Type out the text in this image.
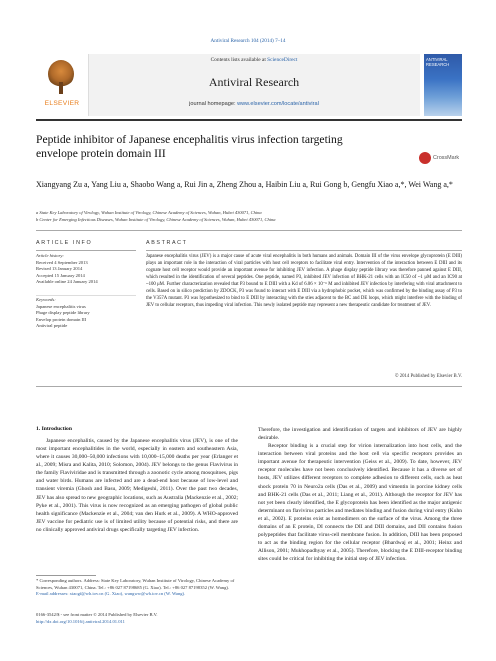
Antiviral Research 104 (2014) 7–14
ELSEVIER
Contents lists available at ScienceDirect
Antiviral Research
journal homepage: www.elsevier.com/locate/antiviral
ANTIVIRAL RESEARCH
Peptide inhibitor of Japanese encephalitis virus infection targeting envelope protein domain III	CrossMark
Xiangyang Zu a, Yang Liu a, Shaobo Wang a, Rui Jin a, Zheng Zhou a, Haibin Liu a, Rui Gong b, Gengfu Xiao a,*, Wei Wang a,*
a State Key Laboratory of Virology, Wuhan Institute of Virology, Chinese Academy of Sciences, Wuhan, Hubei 430071, China
b Center for Emerging Infectious Diseases, Wuhan Institute of Virology, Chinese Academy of Sciences, Wuhan, Hubei 430071, China
ARTICLE INFO	ABSTRACT
Article history:
Received 4 September 2013
Revised 13 January 2014
Accepted 15 January 2014
Available online 24 January 2014
Keywords:
Japanese encephalitis virus
Phage display peptide library
Envelop protein domain III
Antiviral peptide
Japanese encephalitis virus (JEV) is a major cause of acute viral encephalitis in both humans and animals. Domain III of the virus envelope glycoprotein (E DIII) plays an important role in the interaction of viral particles with host cell receptors to facilitate viral entry. Intervention of the interaction between E DIII and its cognate host cell receptor would provide an important avenue for inhibiting JEV infection. A phage display peptide library was therefore panned against E DIII, which resulted in the identification of several peptides. One peptide, named P3, inhibited JEV infection of BHK-21 cells with an IC50 of ~1 μM and an IC90 at ~100 μM. Further characterization revealed that P3 bound to E DIII with a Kd of 6.06 × 10⁻⁶ M and inhibited JEV infection by interfering with viral attachment to cells. Based on in silico prediction by ZDOCK, P3 was found to interact with E DIII via a hydrophobic pocket, which was confirmed by the binding assay of P3 to the V357A mutant. P3 was hypothesized to bind to E DIII by interacting with the sties adjacent to the BC and DE loops, which might interfere with the binding of JEV to cellular receptors, thus impeding viral infection. This newly isolated peptide may represent a new therapeutic candidate for treatment of JEV.
© 2014 Published by Elsevier B.V.
1. Introduction

Japanese encephalitis, caused by the Japanese encephalitis virus (JEV), is one of the most important encephalitides in the world, especially in eastern and southeastern Asia, where it causes 30,000–50,000 infections with 10,000–15,000 deaths per year (Erlanger et al., 2009; Misra and Kalita, 2010; Solomon, 2004). JEV belongs to the genus Flavivirus in the family Flaviviridae and is transmitted through a zoonotic cycle among mosquitoes, pigs and water birds. Humans are infected and are a dead-end host because of low-level and transient viremia (Ghosh and Basu, 2009; Medigeshi, 2011). Over the past two decades, JEV has also spread to new geographic locations, such as Australia (Mackenzie et al., 2002; Pyke et al., 2001). This virus is now recognized as an emerging pathogen of global public health significance (Mackenzie et al., 2004; van den Hurk et al., 2009). A WHO-approved JEV vaccine for pediatric use is of limited utility because of potential risks, and there are no clinically approved antiviral drugs specifically targeting JEV infection.

Therefore, the investigation and identification of targets and inhibitors of JEV are highly desirable.

Receptor binding is a crucial step for virion internalization into host cells, and the interaction between viral proteins and the host cell via specific receptors provides an important avenue for therapeutic intervention (Geiss et al., 2009). To date, however, JEV receptor molecules have not been conclusively identified. Because it has a diverse set of hosts, JEV utilizes different receptors to complete adhesion to different cells, such as heat shock protein 70 in Neuro2a cells (Das et al., 2009) and vimentin in porcine kidney cells and BHK-21 cells (Das et al., 2011; Liang et al., 2011). Although the receptor for JEV has not yet been clearly identified, the E glycoprotein has been identified as the major antigenic determinant on flavivirus particles and mediates binding and fusion during viral entry (Kuhn et al., 2002). E proteins exist as homodimers on the surface of the virus. Among the three domains of an E protein, DI connects the DII and DIII domains, and DII contains fusion polypeptides that facilitate virus-cell membrane fusion. In addition, DIII has been proposed to act as the binding region for the cellular receptor (Bhardwaj et al., 2001; Heinz and Allison, 2001; Mukhopadhyay et al., 2005). Therefore, blocking the E DIII-receptor binding sites could be critical for inhibiting the initial step of JEV infection.

* Corresponding authors. Address: State Key Laboratory, Wuhan Institute of Virology, Chinese Academy of Sciences, Wuhan 430071, China. Tel.: +86 027 87198685 (G. Xiao). Tel.: +86 027 87198352 (W. Wang).
E-mail addresses: xiaogf@wh.iov.cn (G. Xiao), wangww@wh.iov.cn (W. Wang).
0166-3542/$ - see front matter © 2014 Published by Elsevier B.V.
http://dx.doi.org/10.1016/j.antiviral.2014.01.011
